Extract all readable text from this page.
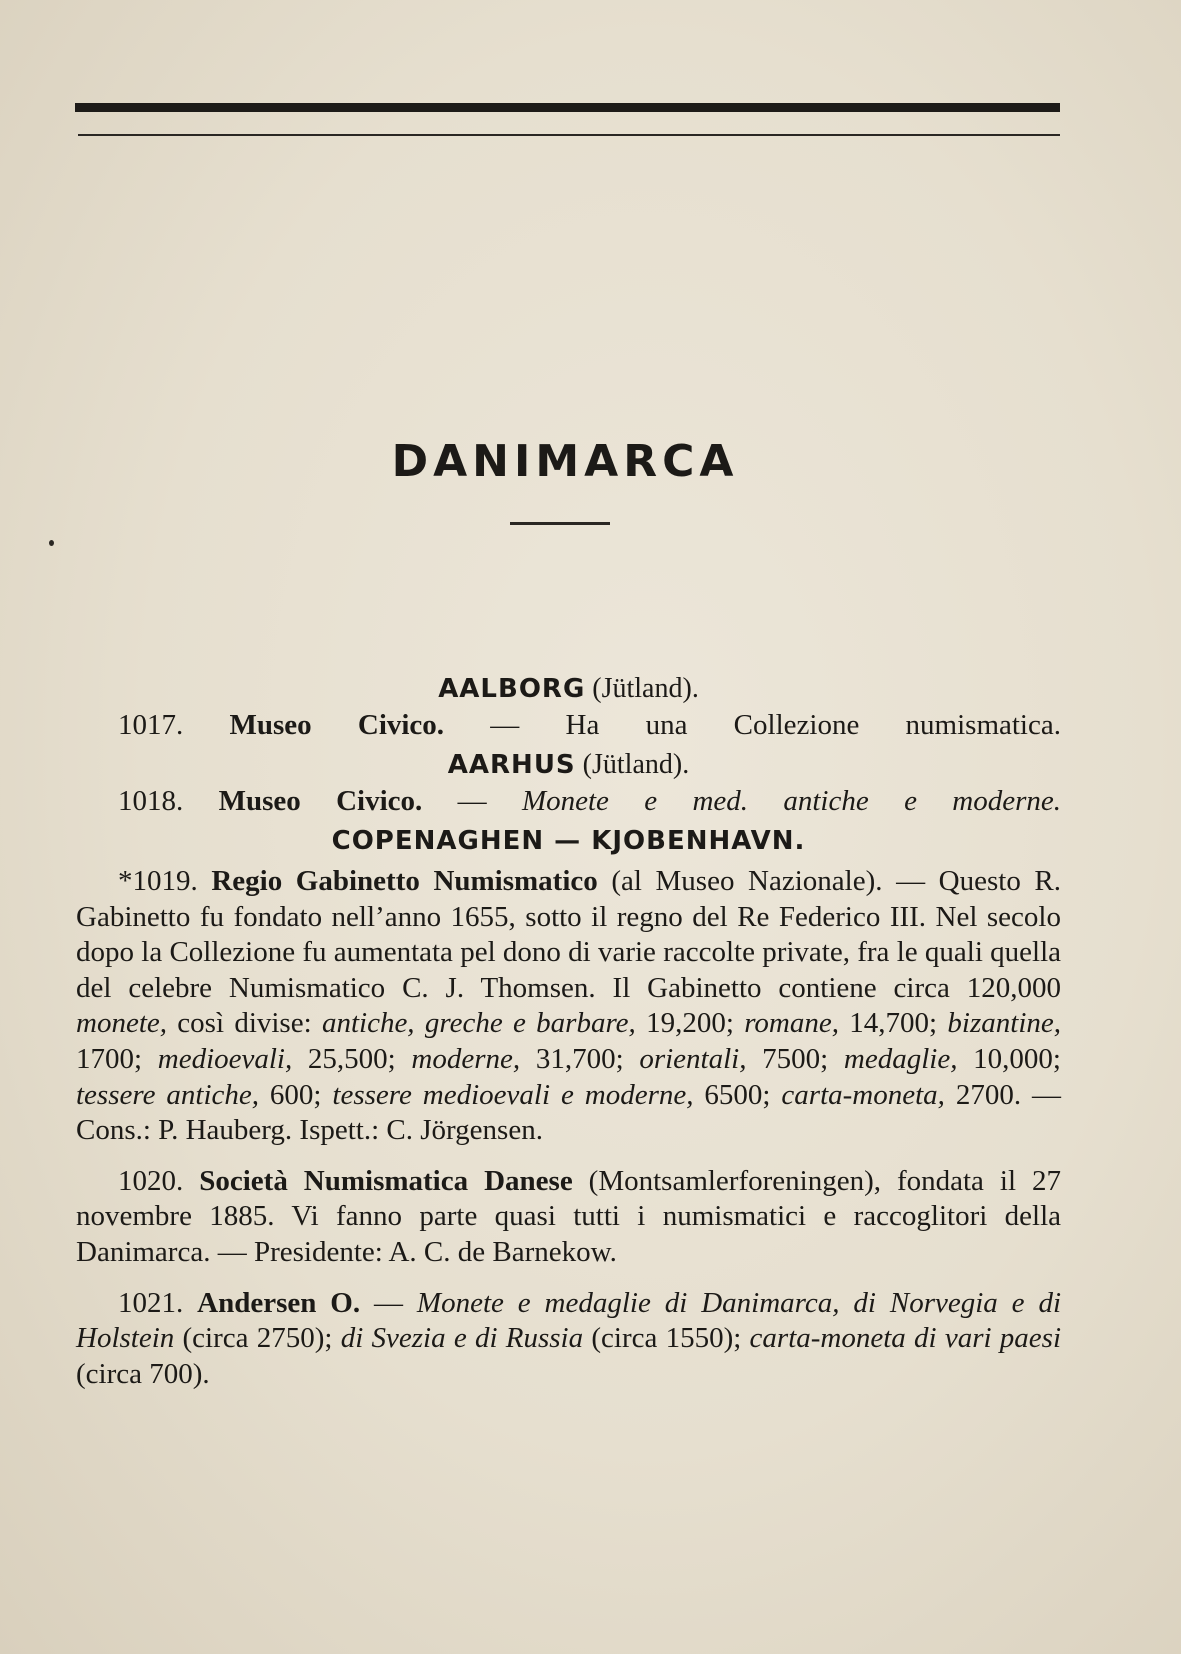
DANIMARCA

AALBORG (Jütland).

1017. Museo Civico. — Ha una Collezione numismatica.

AARHUS (Jütland).

1018. Museo Civico. — Monete e med. antiche e moderne.

COPENAGHEN — KJOBENHAVN.

*1019. Regio Gabinetto Numismatico (al Museo Nazionale). — Questo R. Gabinetto fu fondato nell’anno 1655, sotto il regno del Re Federico III. Nel secolo dopo la Collezione fu aumentata pel dono di varie raccolte private, fra le quali quella del celebre Numismatico C. J. Thomsen. Il Gabinetto contiene circa 120,000 monete, così divise: antiche, greche e barbare, 19,200; romane, 14,700; bizantine, 1700; medioevali, 25,500; moderne, 31,700; orientali, 7500; medaglie, 10,000; tessere antiche, 600; tessere medioevali e moderne, 6500; carta-moneta, 2700. — Cons.: P. Hauberg. Ispett.: C. Jörgensen.

1020. Società Numismatica Danese (Montsamlerforeningen), fondata il 27 novembre 1885. Vi fanno parte quasi tutti i numismatici e raccoglitori della Danimarca. — Presidente: A. C. de Barnekow.

1021. Andersen O. — Monete e medaglie di Danimarca, di Norvegia e di Holstein (circa 2750); di Svezia e di Russia (circa 1550); carta-moneta di vari paesi (circa 700).
